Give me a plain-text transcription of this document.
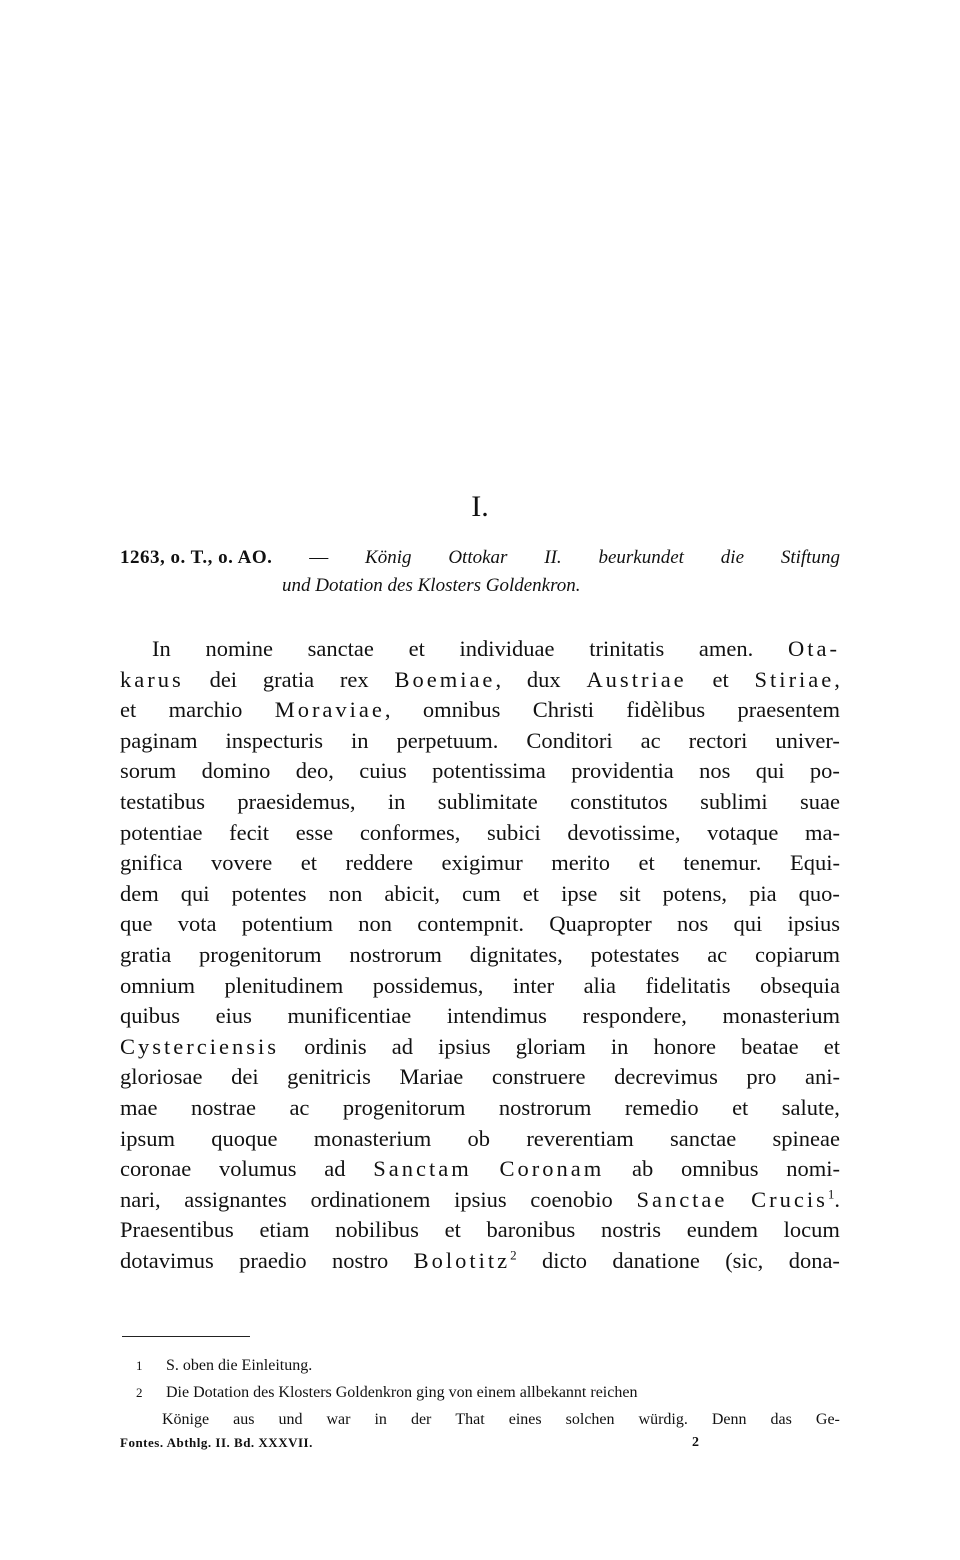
I.
1263, o. T., o. AO. — König Ottokar II. beurkundet die Stiftung
und Dotation des Klosters Goldenkron.
In nomine sanctae et individuae trinitatis amen. Ota-
karus dei gratia rex Boemiae, dux Austriae et Stiriae,
et marchio Moraviae, omnibus Christi fidèlibus praesentem
paginam inspecturis in perpetuum. Conditori ac rectori univer-
sorum domino deo, cuius potentissima providentia nos qui po-
testatibus praesidemus, in sublimitate constitutos sublimi suae
potentiae fecit esse conformes, subici devotissime, votaque ma-
gnifica vovere et reddere exigimur merito et tenemur. Equi-
dem qui potentes non abicit, cum et ipse sit potens, pia quo-
que vota potentium non contempnit. Quapropter nos qui ipsius
gratia progenitorum nostrorum dignitates, potestates ac copiarum
omnium plenitudinem possidemus, inter alia fidelitatis obsequia
quibus eius munificentiae intendimus respondere, monasterium
Cysterciensis ordinis ad ipsius gloriam in honore beatae et
gloriosae dei genitricis Mariae construere decrevimus pro ani-
mae nostrae ac progenitorum nostrorum remedio et salute,
ipsum quoque monasterium ob reverentiam sanctae spineae
coronae volumus ad Sanctam Coronam ab omnibus nomi-
nari, assignantes ordinationem ipsius coenobio Sanctae Crucis$^1$.
Praesentibus etiam nobilibus et baronibus nostris eundem locum
dotavimus praedio nostro Bolotitz$^2$ dicto danatione (sic, dona-
1 S. oben die Einleitung.
2 Die Dotation des Klosters Goldenkron ging von einem allbekannt reichen
Könige aus und war in der That eines solchen würdig. Denn das Ge-
Fontes. Abthlg. II. Bd. XXXVII.	2
